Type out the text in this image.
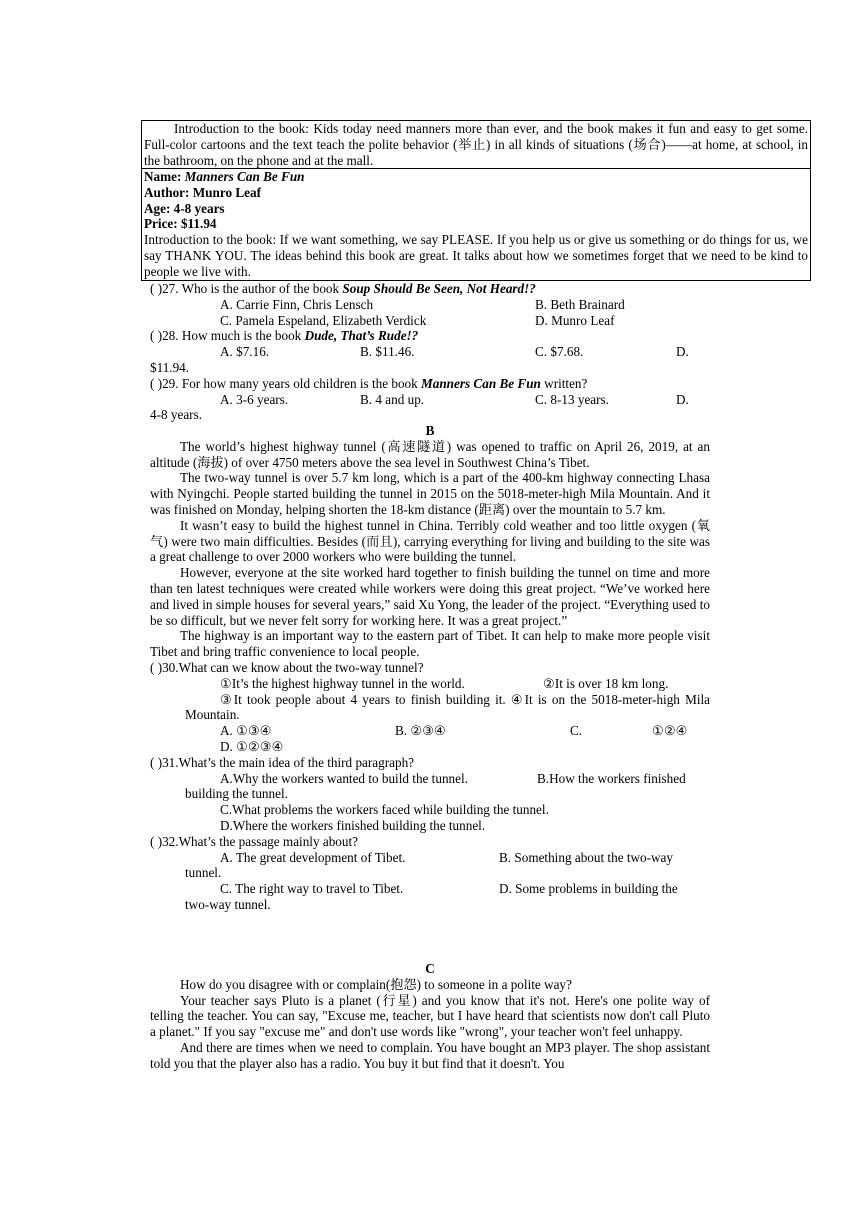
Introduction to the book: Kids today need manners more than ever, and the book makes it fun and easy to get some. Full-color cartoons and the text teach the polite behavior (举止) in all kinds of situations (场合)——at home, at school, in the bathroom, on the phone and at the mall.

Name: Manners Can Be Fun

Author: Munro Leaf

Age: 4-8 years

Price: $11.94

Introduction to the book: If we want something, we say PLEASE. If you help us or give us something or do things for us, we say THANK YOU. The ideas behind this book are great. It talks about how we sometimes forget that we need to be kind to people we live with.

( )27. Who is the author of the book Soup Should Be Seen, Not Heard!?
A. Carrie Finn, Chris Lensch	B. Beth Brainard
C. Pamela Espeland, Elizabeth Verdick	D. Munro Leaf
( )28. How much is the book Dude, That’s Rude!?
A. $7.16.	B. $11.46.	C. $7.68.	D.
$11.94.
( )29. For how many years old children is the book Manners Can Be Fun written?
A. 3-6 years.	B. 4 and up.	C. 8-13 years.	D.
4-8 years.
B

The world’s highest highway tunnel (高速隧道) was opened to traffic on April 26, 2019, at an altitude (海拔) of over 4750 meters above the sea level in Southwest China’s Tibet.

The two-way tunnel is over 5.7 km long, which is a part of the 400-km highway connecting Lhasa with Nyingchi. People started building the tunnel in 2015 on the 5018-meter-high Mila Mountain. And it was finished on Monday, helping shorten the 18-km distance (距离) over the mountain to 5.7 km.

It wasn’t easy to build the highest tunnel in China. Terribly cold weather and too little oxygen (氧气) were two main difficulties. Besides (而且), carrying everything for living and building to the site was a great challenge to over 2000 workers who were building the tunnel.

However, everyone at the site worked hard together to finish building the tunnel on time and more than ten latest techniques were created while workers were doing this great project. “We’ve worked here and lived in simple houses for several years,” said Xu Yong, the leader of the project. “Everything used to be so difficult, but we never felt sorry for working here. It was a great project.”

The highway is an important way to the eastern part of Tibet. It can help to make more people visit Tibet and bring traffic convenience to local people.

( )30.What can we know about the two-way tunnel?
①It’s the highest highway tunnel in the world.	②It is over 18 km long.
③It took people about 4 years to finish building it. ④It is on the 5018-meter-high Mila Mountain.
A. ①③④	B. ②③④	C.	①②④
D. ①②③④
( )31.What’s the main idea of the third paragraph?
A.Why the workers wanted to build the tunnel.	B.How the workers finished
building the tunnel.
C.What problems the workers faced while building the tunnel.
D.Where the workers finished building the tunnel.
( )32.What’s the passage mainly about?
A. The great development of Tibet.	B. Something about the two-way
tunnel.
C. The right way to travel to Tibet.	D. Some problems in building the
two-way tunnel.
C

How do you disagree with or complain(抱怨) to someone in a polite way?

Your teacher says Pluto is a planet (行星) and you know that it's not. Here's one polite way of telling the teacher. You can say, "Excuse me, teacher, but I have heard that scientists now don't call Pluto a planet." If you say "excuse me" and don't use words like "wrong", your teacher won't feel unhappy.

And there are times when we need to complain. You have bought an MP3 player. The shop assistant told you that the player also has a radio. You buy it but find that it doesn't. You
